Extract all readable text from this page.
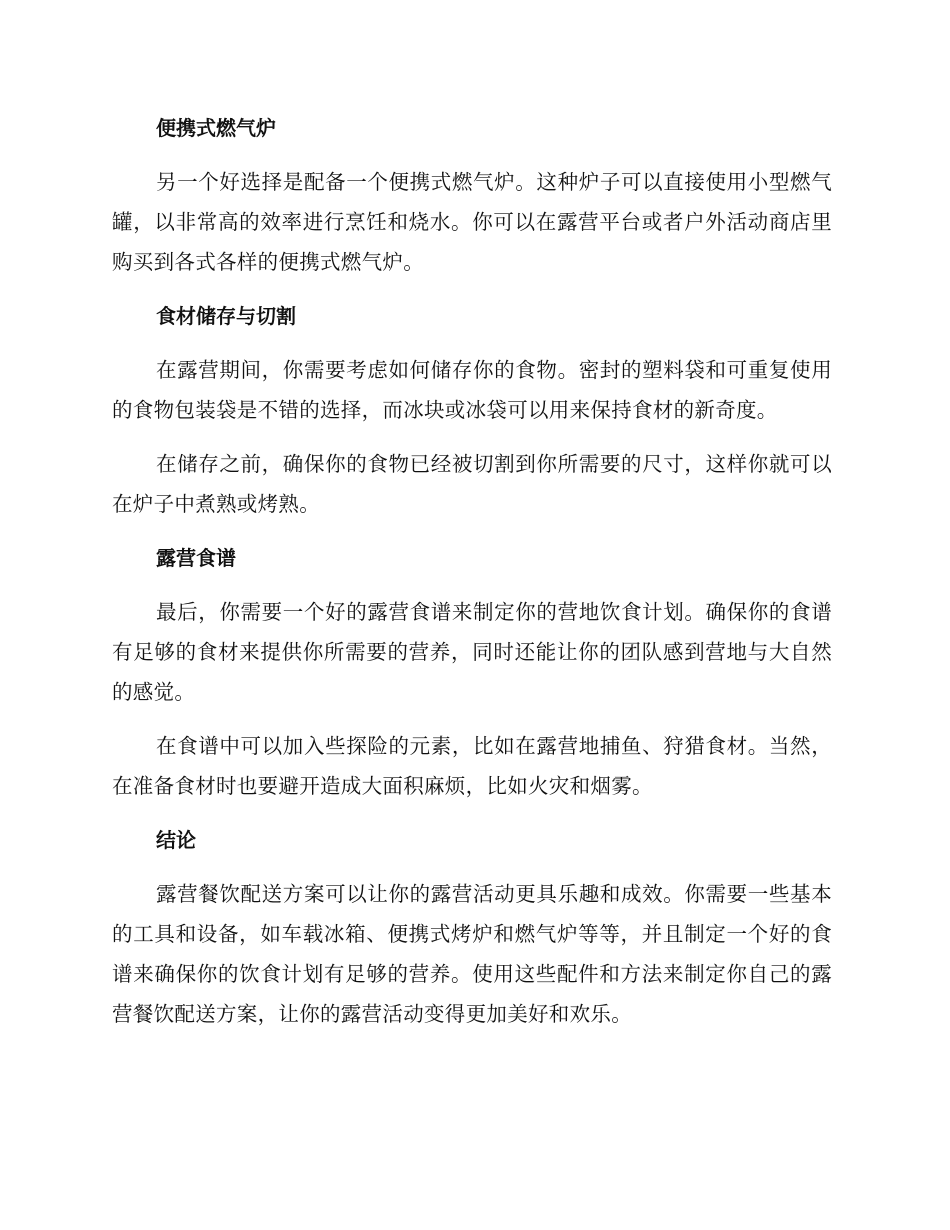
便携式燃气炉

另一个好选择是配备一个便携式燃气炉。这种炉子可以直接使用小型燃气罐，以非常高的效率进行烹饪和烧水。你可以在露营平台或者户外活动商店里购买到各式各样的便携式燃气炉。

食材储存与切割

在露营期间，你需要考虑如何储存你的食物。密封的塑料袋和可重复使用的食物包装袋是不错的选择，而冰块或冰袋可以用来保持食材的新奇度。

在储存之前，确保你的食物已经被切割到你所需要的尺寸，这样你就可以在炉子中煮熟或烤熟。

露营食谱

最后，你需要一个好的露营食谱来制定你的营地饮食计划。确保你的食谱有足够的食材来提供你所需要的营养，同时还能让你的团队感到营地与大自然的感觉。

在食谱中可以加入些探险的元素，比如在露营地捕鱼、狩猎食材。当然，在准备食材时也要避开造成大面积麻烦，比如火灾和烟雾。

结论

露营餐饮配送方案可以让你的露营活动更具乐趣和成效。你需要一些基本的工具和设备，如车载冰箱、便携式烤炉和燃气炉等等，并且制定一个好的食谱来确保你的饮食计划有足够的营养。使用这些配件和方法来制定你自己的露营餐饮配送方案，让你的露营活动变得更加美好和欢乐。
